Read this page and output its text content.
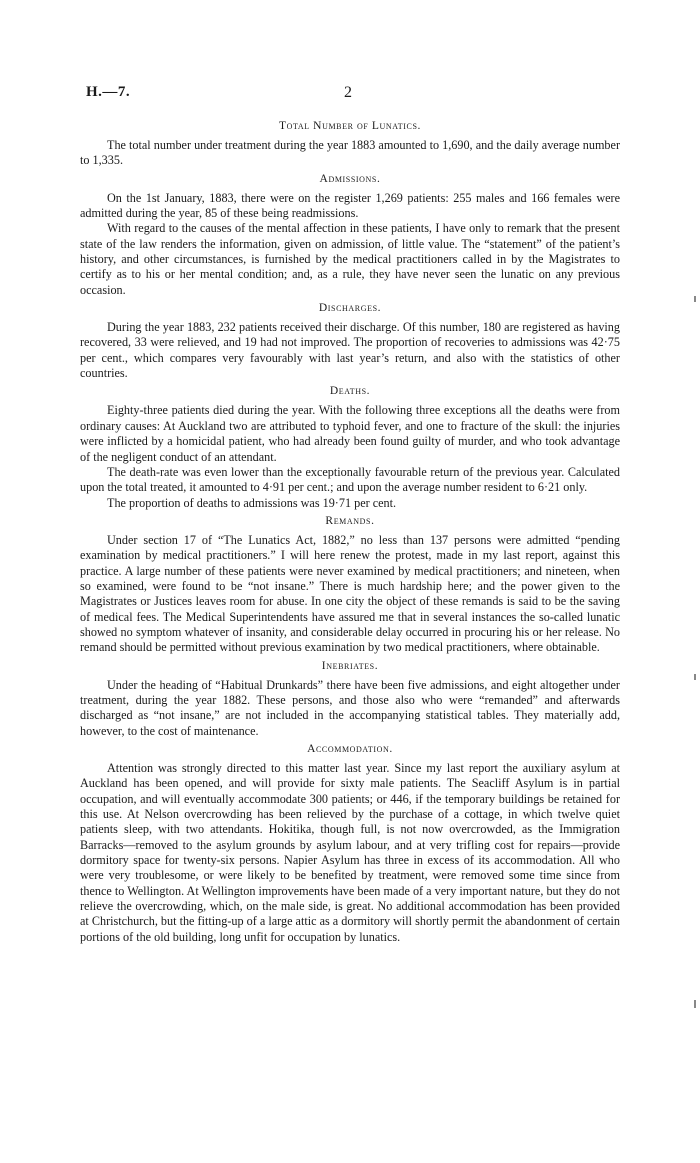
H.—7.	2
Total Number of Lunatics.

The total number under treatment during the year 1883 amounted to 1,690, and the daily average number to 1,335.

Admissions.

On the 1st January, 1883, there were on the register 1,269 patients: 255 males and 166 females were admitted during the year, 85 of these being readmissions.

With regard to the causes of the mental affection in these patients, I have only to remark that the present state of the law renders the information, given on admission, of little value. The “statement” of the patient’s history, and other circumstances, is furnished by the medical practitioners called in by the Magistrates to certify as to his or her mental condition; and, as a rule, they have never seen the lunatic on any previous occasion.

Discharges.

During the year 1883, 232 patients received their discharge. Of this number, 180 are registered as having recovered, 33 were relieved, and 19 had not improved. The proportion of recoveries to admissions was 42·75 per cent., which compares very favourably with last year’s return, and also with the statistics of other countries.

Deaths.

Eighty-three patients died during the year. With the following three exceptions all the deaths were from ordinary causes: At Auckland two are attributed to typhoid fever, and one to fracture of the skull: the injuries were inflicted by a homicidal patient, who had already been found guilty of murder, and who took advantage of the negligent conduct of an attendant.

The death-rate was even lower than the exceptionally favourable return of the previous year. Calculated upon the total treated, it amounted to 4·91 per cent.; and upon the average number resident to 6·21 only.

The proportion of deaths to admissions was 19·71 per cent.

Remands.

Under section 17 of “The Lunatics Act, 1882,” no less than 137 persons were admitted “pending examination by medical practitioners.” I will here renew the protest, made in my last report, against this practice. A large number of these patients were never examined by medical practitioners; and nineteen, when so examined, were found to be “not insane.” There is much hardship here; and the power given to the Magistrates or Justices leaves room for abuse. In one city the object of these remands is said to be the saving of medical fees. The Medical Superintendents have assured me that in several instances the so-called lunatic showed no symptom whatever of insanity, and considerable delay occurred in procuring his or her release. No remand should be permitted without previous examination by two medical practitioners, where obtainable.

Inebriates.

Under the heading of “Habitual Drunkards” there have been five admissions, and eight altogether under treatment, during the year 1882. These persons, and those also who were “remanded” and afterwards discharged as “not insane,” are not included in the accompanying statistical tables. They materially add, however, to the cost of maintenance.

Accommodation.

Attention was strongly directed to this matter last year. Since my last report the auxiliary asylum at Auckland has been opened, and will provide for sixty male patients. The Seacliff Asylum is in partial occupation, and will eventually accommodate 300 patients; or 446, if the temporary buildings be retained for this use. At Nelson overcrowding has been relieved by the purchase of a cottage, in which twelve quiet patients sleep, with two attendants. Hokitika, though full, is not now overcrowded, as the Immigration Barracks—removed to the asylum grounds by asylum labour, and at very trifling cost for repairs—provide dormitory space for twenty-six persons. Napier Asylum has three in excess of its accommodation. All who were very troublesome, or were likely to be benefited by treatment, were removed some time since from thence to Wellington. At Wellington improvements have been made of a very important nature, but they do not relieve the overcrowding, which, on the male side, is great. No additional accommodation has been provided at Christchurch, but the fitting-up of a large attic as a dormitory will shortly permit the abandonment of certain portions of the old building, long unfit for occupation by lunatics.
